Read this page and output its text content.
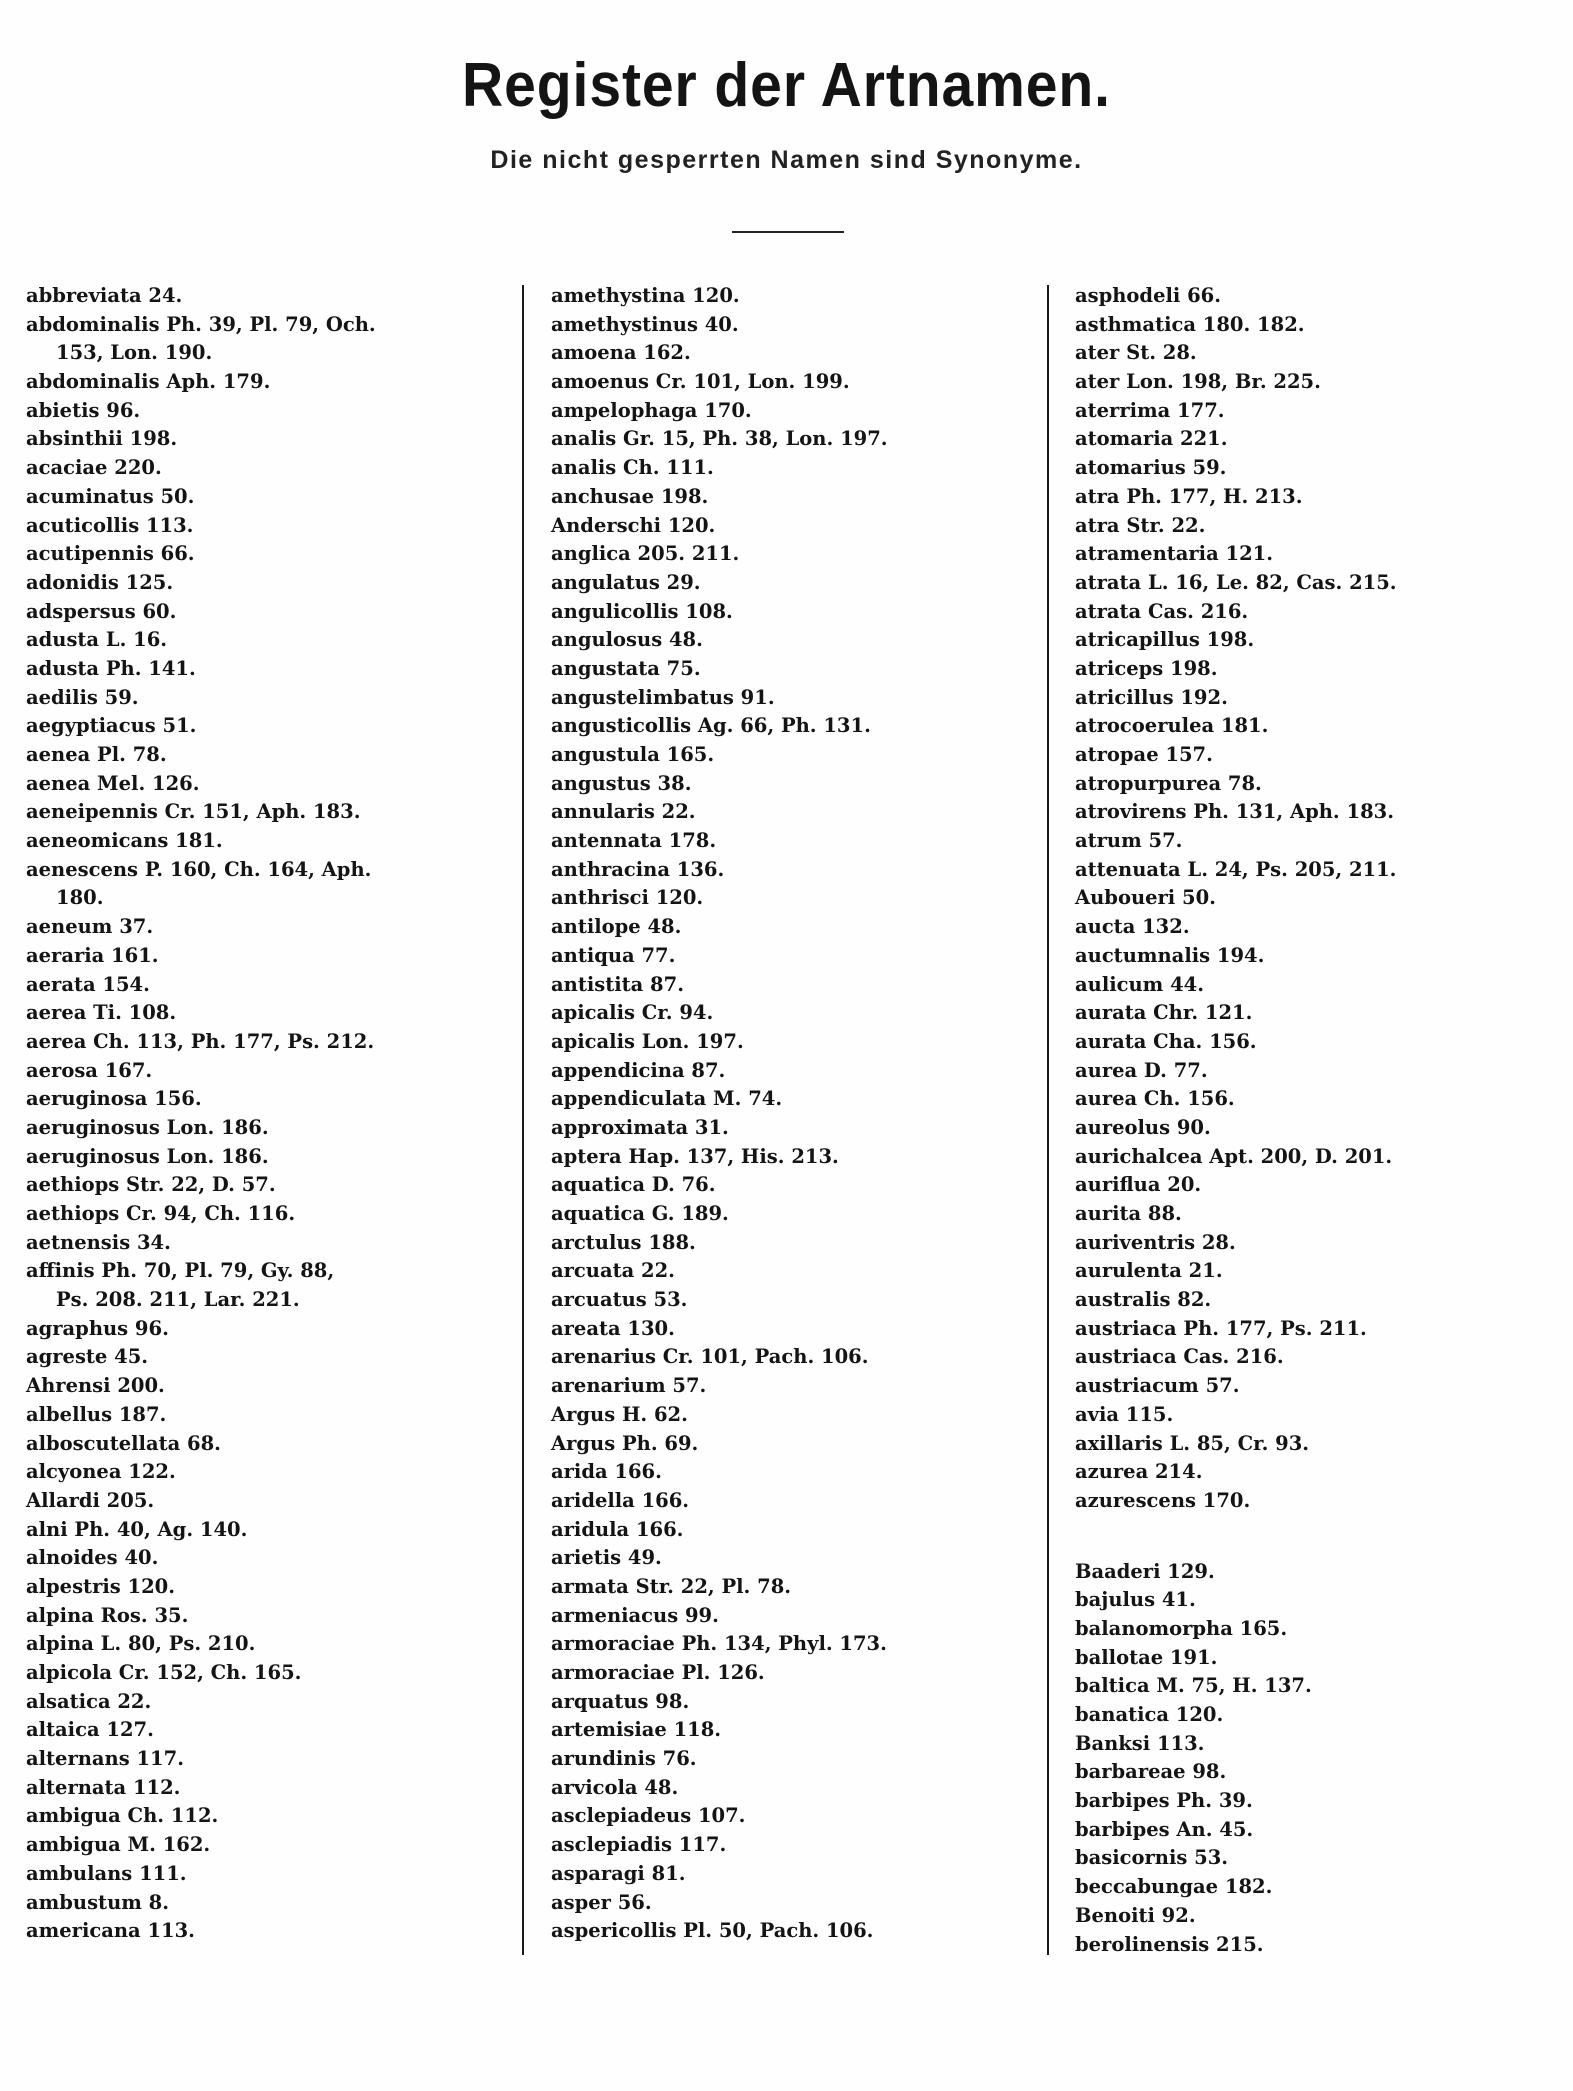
Register der Artnamen.
Die nicht gesperrten Namen sind Synonyme.
abbreviata 24.
abdominalis Ph. 39, Pl. 79, Och.
153, Lon. 190.
abdominalis Aph. 179.
abietis 96.
absinthii 198.
acaciae 220.
acuminatus 50.
acuticollis 113.
acutipennis 66.
adonidis 125.
adspersus 60.
adusta L. 16.
adusta Ph. 141.
aedilis 59.
aegyptiacus 51.
aenea Pl. 78.
aenea Mel. 126.
aeneipennis Cr. 151, Aph. 183.
aeneomicans 181.
aenescens P. 160, Ch. 164, Aph.
180.
aeneum 37.
aeraria 161.
aerata 154.
aerea Ti. 108.
aerea Ch. 113, Ph. 177, Ps. 212.
aerosa 167.
aeruginosa 156.
aeruginosus Lon. 186.
aeruginosus Lon. 186.
aethiops Str. 22, D. 57.
aethiops Cr. 94, Ch. 116.
aetnensis 34.
affinis Ph. 70, Pl. 79, Gy. 88,
Ps. 208. 211, Lar. 221.
agraphus 96.
agreste 45.
Ahrensi 200.
albellus 187.
alboscutellata 68.
alcyonea 122.
Allardi 205.
alni Ph. 40, Ag. 140.
alnoides 40.
alpestris 120.
alpina Ros. 35.
alpina L. 80, Ps. 210.
alpicola Cr. 152, Ch. 165.
alsatica 22.
altaica 127.
alternans 117.
alternata 112.
ambigua Ch. 112.
ambigua M. 162.
ambulans 111.
ambustum 8.
americana 113.
amethystina 120.
amethystinus 40.
amoena 162.
amoenus Cr. 101, Lon. 199.
ampelophaga 170.
analis Gr. 15, Ph. 38, Lon. 197.
analis Ch. 111.
anchusae 198.
Anderschi 120.
anglica 205. 211.
angulatus 29.
angulicollis 108.
angulosus 48.
angustata 75.
angustelimbatus 91.
angusticollis Ag. 66, Ph. 131.
angustula 165.
angustus 38.
annularis 22.
antennata 178.
anthracina 136.
anthrisci 120.
antilope 48.
antiqua 77.
antistita 87.
apicalis Cr. 94.
apicalis Lon. 197.
appendicina 87.
appendiculata M. 74.
approximata 31.
aptera Hap. 137, His. 213.
aquatica D. 76.
aquatica G. 189.
arctulus 188.
arcuata 22.
arcuatus 53.
areata 130.
arenarius Cr. 101, Pach. 106.
arenarium 57.
Argus H. 62.
Argus Ph. 69.
arida 166.
aridella 166.
aridula 166.
arietis 49.
armata Str. 22, Pl. 78.
armeniacus 99.
armoraciae Ph. 134, Phyl. 173.
armoraciae Pl. 126.
arquatus 98.
artemisiae 118.
arundinis 76.
arvicola 48.
asclepiadeus 107.
asclepiadis 117.
asparagi 81.
asper 56.
aspericollis Pl. 50, Pach. 106.
asphodeli 66.
asthmatica 180. 182.
ater St. 28.
ater Lon. 198, Br. 225.
aterrima 177.
atomaria 221.
atomarius 59.
atra Ph. 177, H. 213.
atra Str. 22.
atramentaria 121.
atrata L. 16, Le. 82, Cas. 215.
atrata Cas. 216.
atricapillus 198.
atriceps 198.
atricillus 192.
atrocoerulea 181.
atropae 157.
atropurpurea 78.
atrovirens Ph. 131, Aph. 183.
atrum 57.
attenuata L. 24, Ps. 205, 211.
Auboueri 50.
aucta 132.
auctumnalis 194.
aulicum 44.
aurata Chr. 121.
aurata Cha. 156.
aurea D. 77.
aurea Ch. 156.
aureolus 90.
aurichalcea Apt. 200, D. 201.
auriflua 20.
aurita 88.
auriventris 28.
aurulenta 21.
australis 82.
austriaca Ph. 177, Ps. 211.
austriaca Cas. 216.
austriacum 57.
avia 115.
axillaris L. 85, Cr. 93.
azurea 214.
azurescens 170.
Baaderi 129.
bajulus 41.
balanomorpha 165.
ballotae 191.
baltica M. 75, H. 137.
banatica 120.
Banksi 113.
barbareae 98.
barbipes Ph. 39.
barbipes An. 45.
basicornis 53.
beccabungae 182.
Benoiti 92.
berolinensis 215.
